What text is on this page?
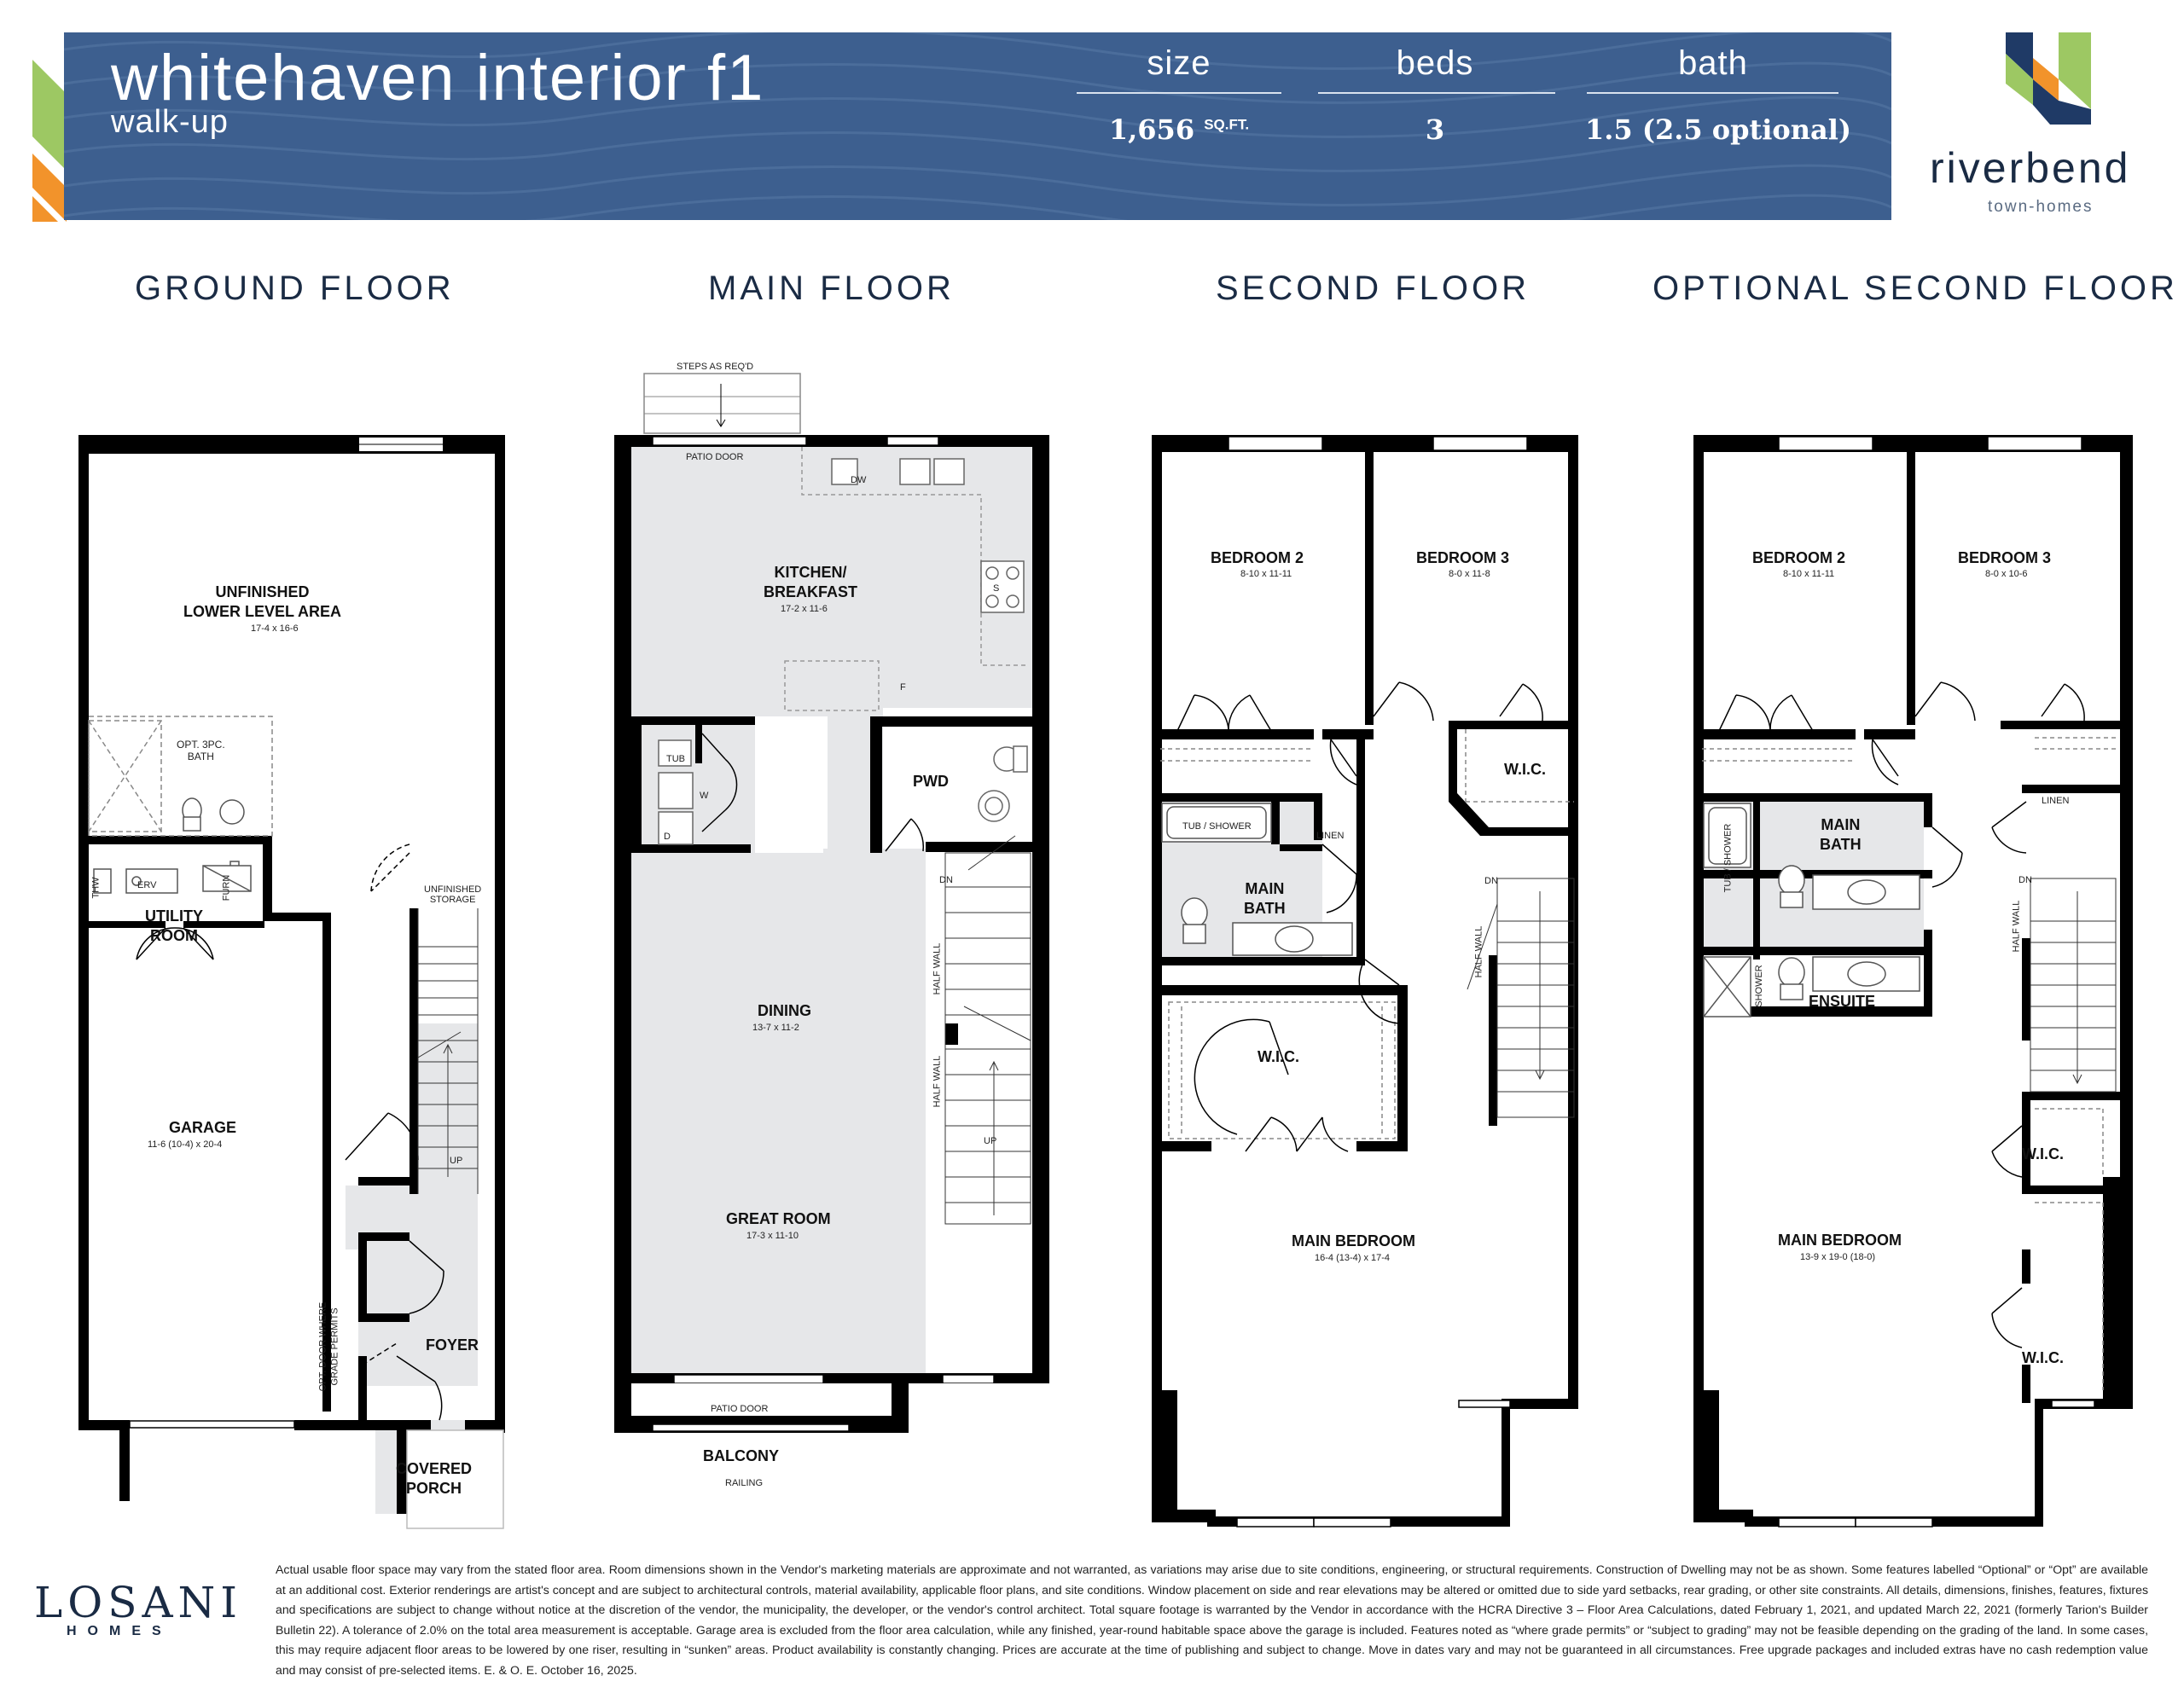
whitehaven interior f1
walk-up
size
1,656 $^{SQ.FT.}$
beds
3
bath
1.5 (2.5 optional)
riverbend
town-homes
GROUND FLOOR	MAIN FLOOR	SECOND FLOOR	OPTIONAL SECOND FLOOR
UNFINISHED
LOWER LEVEL AREA
17-4 x 16-6
OPT. 3PC.
BATH
THW	ERV	FURN
UTILITY
ROOM
UNFINISHED
STORAGE
UP
GARAGE
11-6 (10-4) x 20-4
FOYER
OPT. DOOR WHERE
GRADE PERMITS
COVERED
PORCH
STEPS AS REQ'D
PATIO DOOR
DW
S
F
KITCHEN/
BREAKFAST
17-2 x 11-6
TUB
W
D
PWD
DN
HALF WALL
DINING
13-7 x 11-2
HALF WALL
UP
GREAT ROOM
17-3 x 11-10
PATIO DOOR
BALCONY
RAILING
BEDROOM 2
8-10 x 11-11
BEDROOM 3
8-0 x 11-8
W.I.C.
TUB / SHOWER
LINEN
MAIN
BATH
DN
HALF WALL
W.I.C.
MAIN BEDROOM
16-4 (13-4) x 17-4
BEDROOM 2
8-10 x 11-11
BEDROOM 3
8-0 x 10-6
MAIN
BATH
TUB / SHOWER
LINEN
DN
SHOWER	ENSUITE
HALF WALL
W.I.C.
MAIN BEDROOM
13-9 x 19-0 (18-0)
W.I.C.
LOSANI
HOMES
Actual usable floor space may vary from the stated floor area. Room dimensions shown in the Vendor's marketing materials are approximate and not warranted, as variations may arise due to site conditions, engineering, or structural requirements. Construction of Dwelling may not be as shown. Some features labelled “Optional” or “Opt” are available at an additional cost. Exterior renderings are artist's concept and are subject to architectural controls, material availability, applicable floor plans, and site conditions. Window placement on side and rear elevations may be altered or omitted due to side yard setbacks, rear grading, or other site constraints. All details, dimensions, finishes, features, fixtures and specifications are subject to change without notice at the discretion of the vendor, the municipality, the developer, or the vendor's control architect. Total square footage is warranted by the Vendor in accordance with the HCRA Directive 3 – Floor Area Calculations, dated February 1, 2021, and updated March 22, 2021 (formerly Tarion's Builder Bulletin 22). A tolerance of 2.0% on the total area measurement is acceptable. Garage area is excluded from the floor area calculation, while any finished, year-round habitable space above the garage is included. Features noted as “where grade permits” or “subject to grading” may not be feasible depending on the grading of the land. In some cases, this may require adjacent floor areas to be lowered by one riser, resulting in “sunken” areas. Product availability is constantly changing. Prices are accurate at the time of publishing and subject to change. Move in dates vary and may not be guaranteed in all circumstances. Free upgrade packages and included extras have no cash redemption value and may consist of pre-selected items. E. & O. E. October 16, 2025.
